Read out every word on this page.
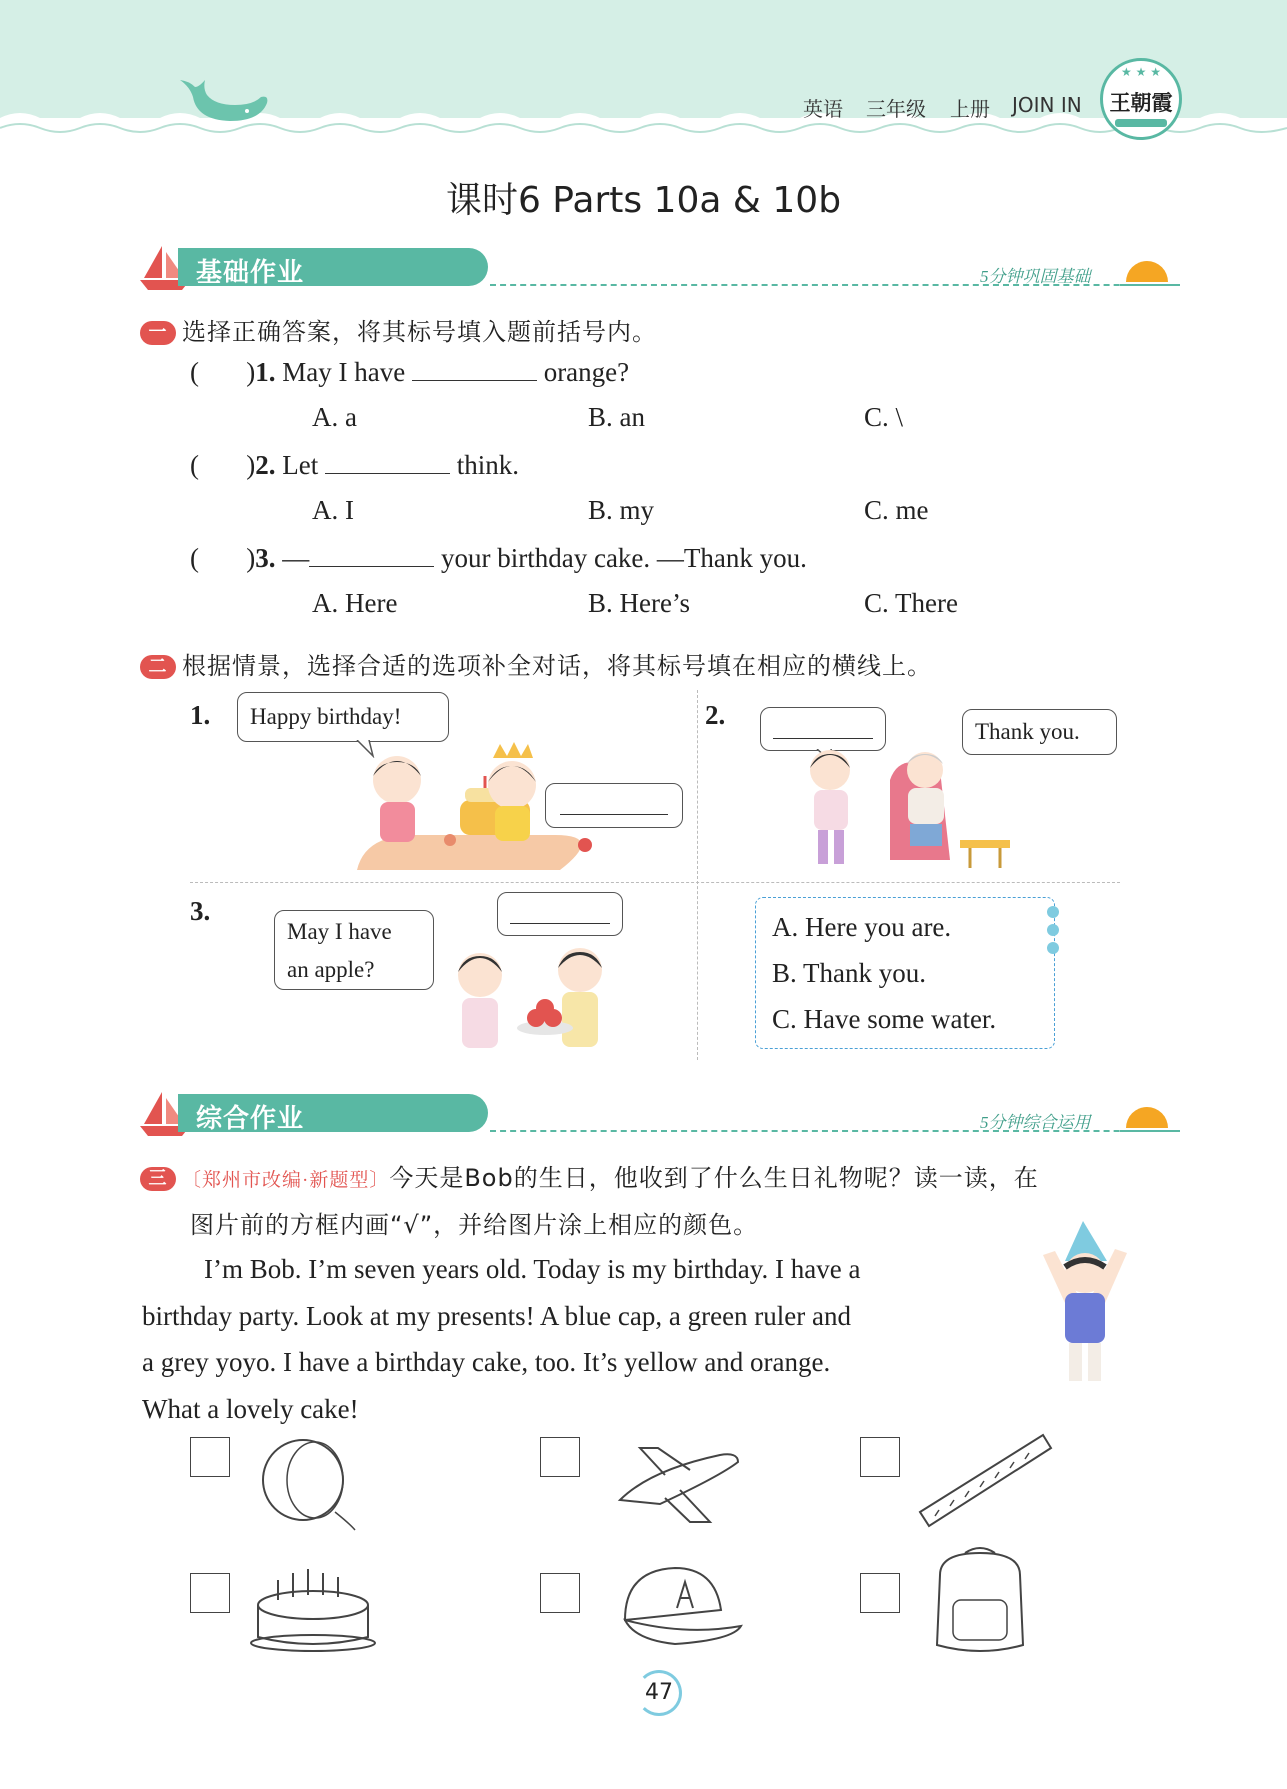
英语 三年级 上册 JOIN IN
★ ★ ★
王朝霞
课时6 Parts 10a & 10b
基础作业	5分钟巩固基础
一 选择正确答案，将其标号填入题前括号内。
(       )1. May I have	orange?
A. a	B. an	C. \
(       )2. Let	think.
A. I	B. my	C. me
(       )3. —	your birthday cake. —Thank you.
A. Here	B. Here’s	C. There
二 根据情景，选择合适的选项补全对话，将其标号填在相应的横线上。
1.	Happy birthday!	2.
Thank you.
3.
May I have
an apple?
A. Here you are.
B. Thank you.
C. Have some water.
综合作业	5分钟综合运用
三 〔郑州市改编·新题型〕今天是Bob的生日，他收到了什么生日礼物呢？读一读，在
图片前的方框内画“√”，并给图片涂上相应的颜色。
I’m Bob. I’m seven years old. Today is my birthday. I have a
birthday party. Look at my presents! A blue cap, a green ruler and
a grey yoyo. I have a birthday cake, too. It’s yellow and orange.
What a lovely cake!
47
